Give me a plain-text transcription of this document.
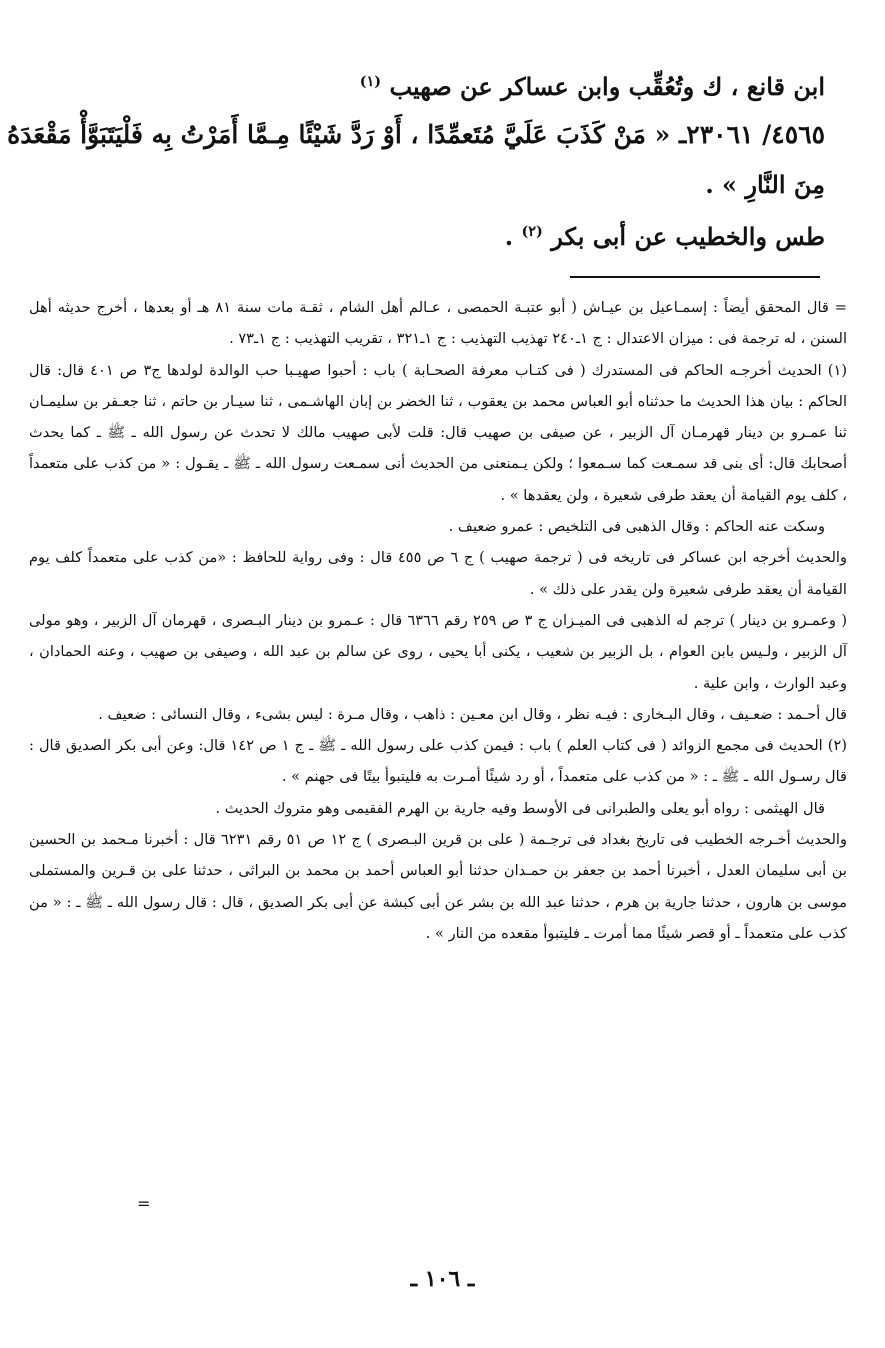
ابن قانع ، ك وتُعُقِّب وابن عساكر عن صهيب $^{(١)}$
٤٥٦٥/ ٢٣٠٦١ـ « مَنْ كَذَبَ عَلَيَّ مُتَعمِّدًا ، أَوْ رَدَّ شَيْئًا مِـمَّا أَمَرْتُ بِه فَلْيَتَبَوَّأْ مَقْعَدَهُ
مِنَ النَّارِ » .
طس والخطيب عن أبى بكر $^{(٢)}$ .

= قال المحقق أيضاً : إسمـاعيل بن عيـاش ( أبو عتبـة الحمصى ، عـالم أهل الشام ، ثقـة مات سنة ٨١ هـ أو بعدها ، أخرج حديثه أهل السنن ، له ترجمة فى : ميزان الاعتدال : ج ١ـ٢٤٠ تهذيب التهذيب : ج ١ـ٣٢١ ، تقريب التهذيب : ج ١ـ٧٣ .

(١) الحديث أخرجـه الحاكم فى المستدرك ( فى كتـاب معرفة الصحـابة ) باب : أحبوا صهيـبا حب الوالدة لولدها ج٣ ص ٤٠١ قال: قال الحاكم : بيان هذا الحديث ما حدثناه أبو العباس محمد بن يعقوب ، ثنا الخضر بن إبان الهاشـمى ، ثنا سيـار بن حاتم ، ثنا جعـفر بن سليمـان ثنا عمـرو بن دينار قهرمـان آل الزبير ، عن صيفى بن صهيب قال: قلت لأبى صهيب مالك لا تحدث عن رسول الله ـ ﷺ ـ كما يحدث أصحابك قال: أى بنى قد سمـعت كما سـمعوا ؛ ولكن يـمنعنى من الحديث أنى سمـعت رسول الله ـ ﷺ ـ يقـول : « من كذب على متعمداً ، كلف يوم القيامة أن يعقد طرفى شعيرة ، ولن يعقدها » .

وسكت عنه الحاكم : وقال الذهبى فى التلخيص : عمرو ضعيف .

والحديث أخرجه ابن عساكر فى تاريخه فى ( ترجمة صهيب ) ج ٦ ص ٤٥٥ قال : وفى رواية للحافظ : «من كذب على متعمداً كلف يوم القيامة أن يعقد طرفى شعيرة ولن يقدر على ذلك » .

( وعمـرو بن دينار ) ترجم له الذهبى فى الميـزان ج ٣ ص ٢٥٩ رقم ٦٣٦٦ قال : عـمرو بن دينار البـصرى ، قهرمان آل الزبير ، وهو مولى آل الزبير ، ولـيس بابن العوام ، بل الزبير بن شعيب ، يكنى أبا يحيى ، روى عن سالم بن عبد الله ، وصيفى بن صهيب ، وعنه الحمادان ، وعبد الوارث ، وابن علية .

قال أحـمد : ضعـيف ، وقال البـخارى : فيـه نظر ، وقال ابن معـين : ذاهب ، وقال مـرة : ليس بشىء ، وقال النسائى : ضعيف .

(٢) الحديث فى مجمع الزوائد ( فى كتاب العلم ) باب : فيمن كذب على رسول الله ـ ﷺ ـ ج ١ ص ١٤٢ قال: وعن أبى بكر الصديق قال : قال رسـول الله ـ ﷺ ـ : « من كذب على متعمداً ، أو رد شيئًا أمـرت به فليتبوأ بيتًا فى جهنم » .

قال الهيثمى : رواه أبو يعلى والطبرانى فى الأوسط وفيه جارية بن الهرم الفقيمى وهو متروك الحديث .

والحديث أخـرجه الخطيب فى تاريخ بغداد فى ترجـمة ( على بن قرين البـصرى ) ج ١٢ ص ٥١ رقم ٦٢٣١ قال : أخبرنا مـحمد بن الحسين بن أبى سليمان العدل ، أخبرنا أحمد بن جعفر بن حمـدان حدثنا أبو العباس أحمد بن محمد بن البراثى ، حدثنا على بن قـرين والمستملى موسى بن هارون ، حدثنا جارية بن هرم ، حدثنا عبد الله بن بشر عن أبى كبشة عن أبى بكر الصديق ، قال : قال رسول الله ـ ﷺ ـ : « من كذب على متعمداً ـ أو قصر شيئًا مما أمرت ـ فليتبوأ مقعده من النار » .

=
ـ ١٠٦ ـ
